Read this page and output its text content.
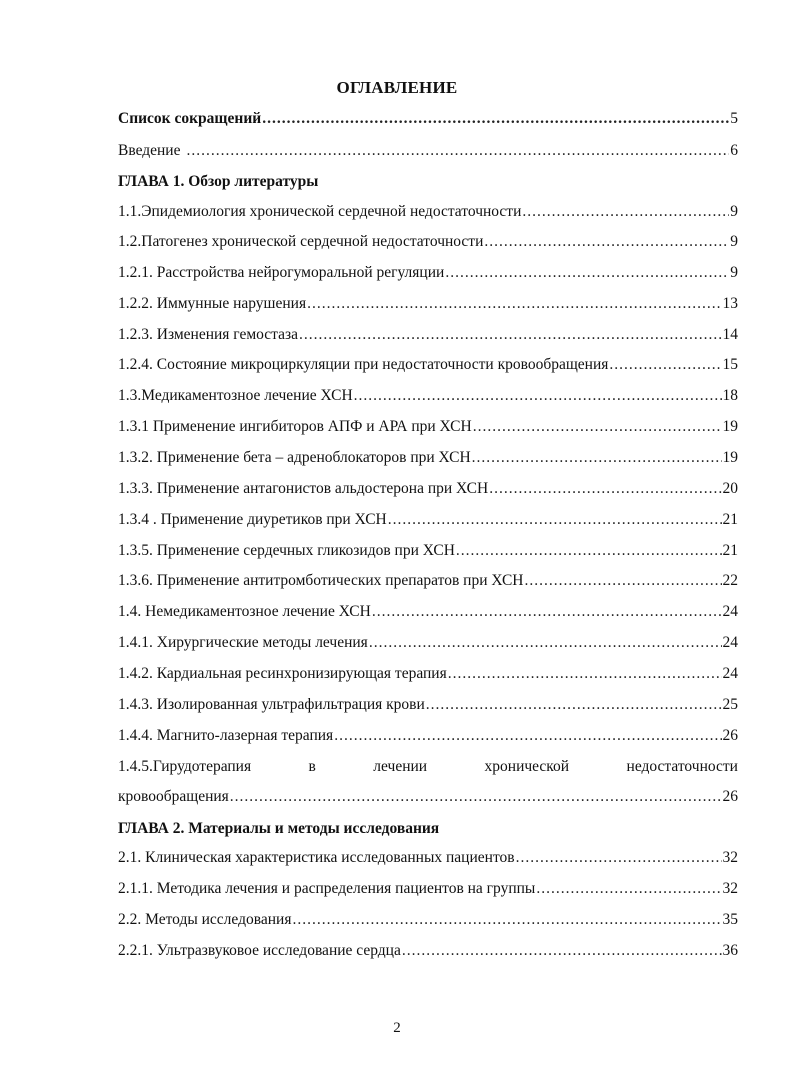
ОГЛАВЛЕНИЕ
Список сокращений .....	5
Введение .....	6
ГЛАВА 1. Обзор литературы
1.1. Эпидемиология хронической сердечной недостаточности .....	9
1.2. Патогенез хронической сердечной недостаточности .....	9
1.2.1. Расстройства нейрогуморальной регуляции .....	9
1.2.2. Иммунные нарушения .....	13
1.2.3. Изменения гемостаза .....	14
1.2.4. Состояние микроциркуляции при недостаточности кровообращения .....	15
1.3. Медикаментозное лечение ХСН .....	18
1.3.1 Применение ингибиторов АПФ и АРА при ХСН .....	19
1.3.2. Применение бета – адреноблокаторов при ХСН .....	19
1.3.3. Применение антагонистов альдостерона при ХСН .....	20
1.3.4 . Применение диуретиков при ХСН .....	21
1.3.5. Применение сердечных гликозидов при ХСН .....	21
1.3.6. Применение антитромботических препаратов при ХСН .....	22
1.4. Немедикаментозное лечение ХСН .....	24
1.4.1. Хирургические методы лечения .....	24
1.4.2. Кардиальная ресинхронизирующая терапия .....	24
1.4.3. Изолированная ультрафильтрация крови .....	25
1.4.4. Магнито-лазерная терапия .....	26
1.4.5.Гирудотерапия	в	лечении	хронической	недостаточности
кровообращения .....	26
ГЛАВА 2. Материалы и методы исследования
2.1. Клиническая характеристика исследованных пациентов .....	32
2.1.1. Методика лечения и распределения пациентов на группы .....	32
2.2. Методы исследования .....	35
2.2.1. Ультразвуковое исследование сердца .....	36
2
